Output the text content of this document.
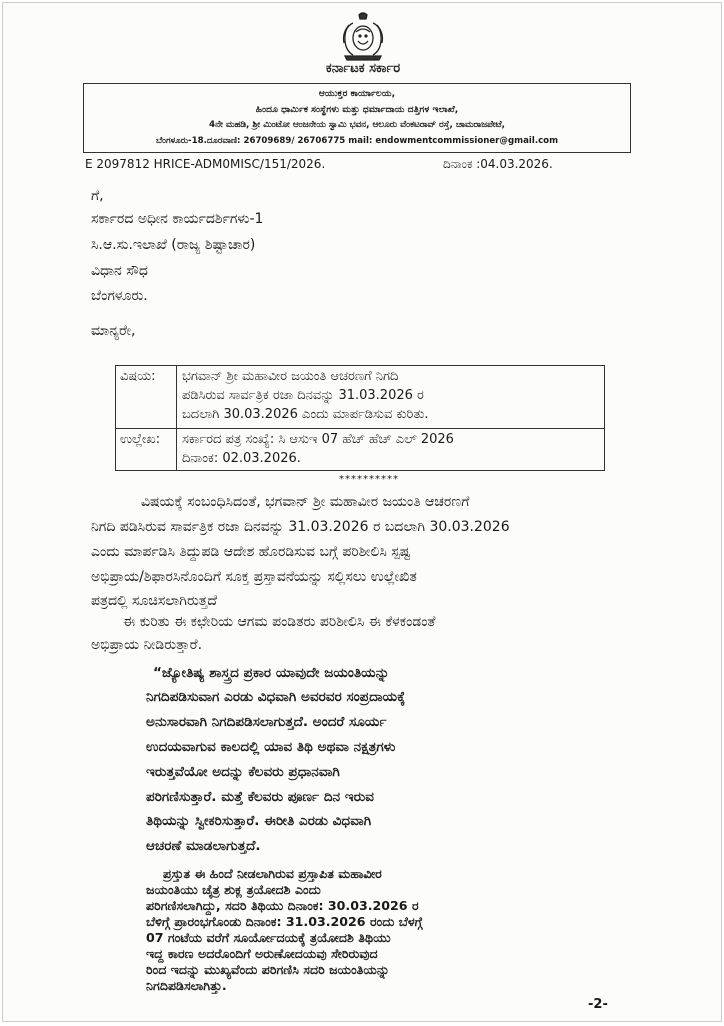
ಕರ್ನಾಟಕ ಸರ್ಕಾರ
ಆಯುಕ್ತರ ಕಾರ್ಯಾಲಯ,
ಹಿಂದೂ ಧಾರ್ಮಿಕ ಸಂಸ್ಥೆಗಳು ಮತ್ತು ಧರ್ಮಾದಾಯ ದತ್ತಿಗಳ ಇಲಾಖೆ,
4ನೇ ಮಹಡಿ, ಶ್ರೀ ಮಿಂಟೋ ಆಂಜನೇಯ ಸ್ವಾಮಿ ಭವನ, ಆಲೂರು ವೆಂಕಟರಾವ್ ರಸ್ತೆ, ಚಾಮರಾಜಪೇಟೆ,
ಬೆಂಗಳೂರು-18.ದೂರವಾಣಿ: 26709689/ 26706775 mail: endowmentcommissioner@gmail.com
E 2097812 HRICE-ADM0MISC/151/2026.	ದಿನಾಂಕ :04.03.2026.
ಗೆ,
ಸರ್ಕಾರದ ಅಧೀನ ಕಾರ್ಯದರ್ಶಿಗಳು-1
ಸಿ.ಆ.ಸು.ಇಲಾಖೆ (ರಾಜ್ಯ ಶಿಷ್ಟಾಚಾರ)
ವಿಧಾನ ಸೌಧ
ಬೆಂಗಳೂರು.
ಮಾನ್ಯರೇ,
ವಿಷಯ: ಭಗವಾನ್ ಶ್ರೀ ಮಹಾವೀರ ಜಯಂತಿ ಆಚರಣಗೆ ನಿಗದಿ
ಪಡಿಸಿರುವ ಸಾರ್ವತ್ರಿಕ ರಜಾ ದಿನವನ್ನು 31.03.2026 ರ
ಬದಲಾಗಿ 30.03.2026 ಎಂದು ಮಾರ್ಪಡಿಸುವ ಕುರಿತು.
ಉಲ್ಲೇಖ: ಸರ್ಕಾರದ ಪತ್ರ ಸಂಖ್ಯೆ: ಸಿ ಆಸುಇ 07 ಹೆಚ್ ಹೆಚ್ ಎಲ್ 2026
ದಿನಾಂಕ: 02.03.2026.
**********
ವಿಷಯಕ್ಕೆ ಸಂಬಂಧಿಸಿದಂತೆ, ಭಗವಾನ್ ಶ್ರೀ ಮಹಾವೀರ ಜಯಂತಿ ಆಚರಣಗೆ
ನಿಗದಿ ಪಡಿಸಿರುವ ಸಾರ್ವತ್ರಿಕ ರಜಾ ದಿನವನ್ನು 31.03.2026 ರ ಬದಲಾಗಿ 30.03.2026
ಎಂದು ಮಾರ್ಪಡಿಸಿ ತಿದ್ದುಪಡಿ ಆದೇಶ ಹೊರಡಿಸುವ ಬಗ್ಗೆ ಪರಿಶೀಲಿಸಿ ಸ್ಪಷ್ಟ
ಅಭಿಪ್ರಾಯ/ಶಿಫಾರಸಿನೊಂದಿಗೆ ಸೂಕ್ತ ಪ್ರಸ್ತಾವನೆಯನ್ನು ಸಲ್ಲಿಸಲು ಉಲ್ಲೇಖಿತ
ಪತ್ರದಲ್ಲಿ ಸೂಚಿಸಲಾಗಿರುತ್ತದೆ
ಈ ಕುರಿತು ಈ ಕಛೇರಿಯ ಆಗಮ ಪಂಡಿತರು ಪರಿಶೀಲಿಸಿ ಈ ಕೆಳಕಂಡಂತೆ
ಅಭಿಪ್ರಾಯ ನೀಡಿರುತ್ತಾರೆ.
“ಜ್ಯೋತಿಷ್ಯ ಶಾಸ್ತ್ರದ ಪ್ರಕಾರ ಯಾವುದೇ ಜಯಂತಿಯನ್ನು
ನಿಗದಿಪಡಿಸುವಾಗ ಎರಡು ವಿಧವಾಗಿ ಅವರವರ ಸಂಪ್ರದಾಯಕ್ಕೆ
ಅನುಸಾರವಾಗಿ ನಿಗದಿಪಡಿಸಲಾಗುತ್ತದೆ. ಅಂದರೆ ಸೂರ್ಯ
ಉದಯವಾಗುವ ಕಾಲದಲ್ಲಿ ಯಾವ ತಿಥಿ ಅಥವಾ ನಕ್ಷತ್ರಗಳು
ಇರುತ್ತವೆಯೋ ಅದನ್ನು ಕೆಲವರು ಪ್ರಧಾನವಾಗಿ
ಪರಿಗಣಿಸುತ್ತಾರೆ. ಮತ್ತೆ ಕೆಲವರು ಪೂರ್ಣ ದಿನ ಇರುವ
ತಿಥಿಯನ್ನು ಸ್ವೀಕರಿಸುತ್ತಾರೆ. ಈರೀತಿ ಎರಡು ವಿಧವಾಗಿ
ಆಚರಣೆ ಮಾಡಲಾಗುತ್ತದೆ.
ಪ್ರಸ್ತುತ ಈ ಹಿಂದೆ ನೀಡಲಾಗಿರುವ ಪ್ರಸ್ತಾಪಿತ ಮಹಾವೀರ
ಜಯಂತಿಯು ಚೈತ್ರ ಶುಕ್ಲ ತ್ರಯೋದಶಿ ಎಂದು
ಪರಿಗಣಿಸಲಾಗಿದ್ದು, ಸದರಿ ತಿಥಿಯು ದಿನಾಂಕ: 30.03.2026 ರ
ಬೆಳಿಗ್ಗೆ ಪ್ರಾರಂಭಗೊಂಡು ದಿನಾಂಕ: 31.03.2026 ರಂದು ಬೆಳಗ್ಗೆ
07 ಗಂಟೆಯ ವರೆಗೆ ಸೂರ್ಯೋದಯಕ್ಕೆ ತ್ರಯೋದಶಿ ತಿಥಿಯು
ಇದ್ದ ಕಾರಣ ಅದರೊಂದಿಗೆ ಅರುಣೋದಯವು ಸೇರಿರುವುದ
ರಿಂದ ಇದನ್ನು ಮುಖ್ಯವೆಂದು ಪರಿಗಣಿಸಿ ಸದರಿ ಜಯಂತಿಯನ್ನು
ನಿಗದಿಪಡಿಸಲಾಗಿತ್ತು.
-2-
